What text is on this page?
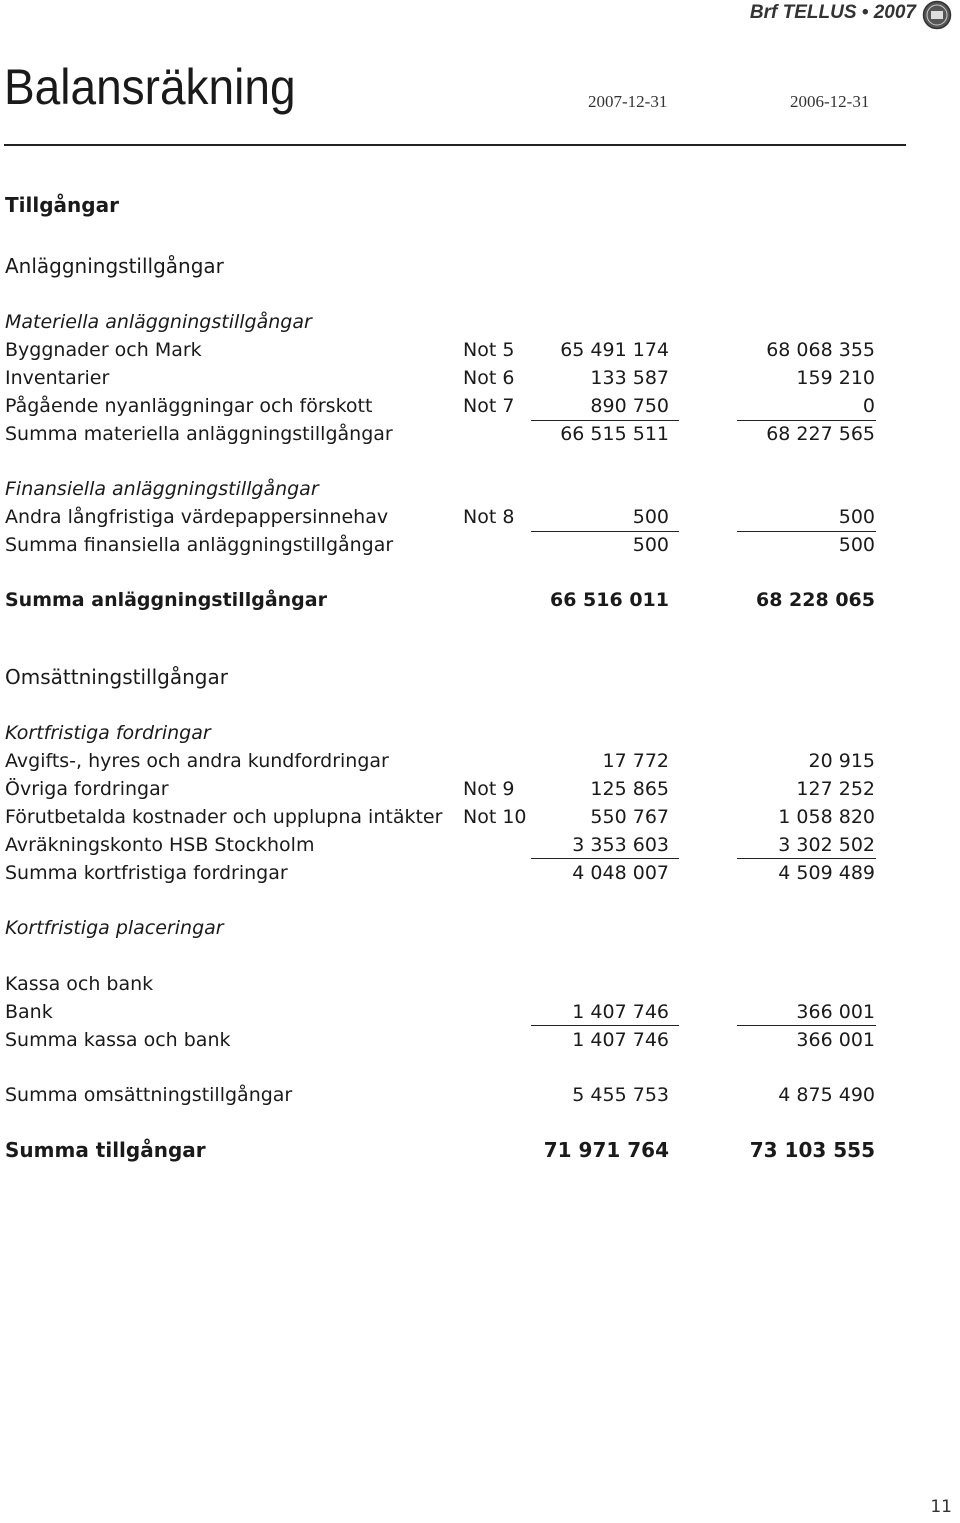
Brf TELLUS • 2007
Balansräkning	2007-12-31	2006-12-31
Tillgångar
Anläggningstillgångar
Materiella anläggningstillgångar
Byggnader och Mark	Not 5 65 491 174	68 068 355
Inventarier	Not 6	133 587	159 210
Pågående nyanläggningar och förskott	Not 7	890 750	0
Summa materiella anläggningstillgångar	66 515 511	68 227 565
Finansiella anläggningstillgångar
Andra långfristiga värdepappersinnehav	Not 8	500	500
Summa finansiella anläggningstillgångar	500	500
Summa anläggningstillgångar	66 516 011	68 228 065
Omsättningstillgångar
Kortfristiga fordringar
Avgifts-, hyres och andra kundfordringar	17 772	20 915
Övriga fordringar	Not 9	125 865	127 252
Förutbetalda kostnader och upplupna intäkter Not 10	550 767	1 058 820
Avräkningskonto HSB Stockholm	3 353 603	3 302 502
Summa kortfristiga fordringar	4 048 007	4 509 489
Kortfristiga placeringar
Kassa och bank
Bank	1 407 746	366 001
Summa kassa och bank	1 407 746	366 001
Summa omsättningstillgångar	5 455 753	4 875 490
Summa tillgångar	71 971 764	73 103 555
11
